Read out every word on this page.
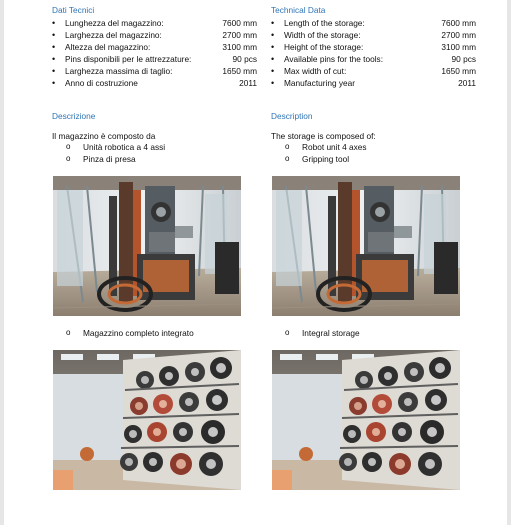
Dati Tecnici
• Lunghezza del magazzino:	7600 mm
• Larghezza del magazzino:	2700 mm
• Altezza del magazzino:	3100 mm
• Pins disponibili per le attrezzature:	90 pcs
• Larghezza massima di taglio:	1650 mm
• Anno di costruzione	2011
Descrizione
Il magazzino è composto da
o Unità robotica a 4 assi
o Pinza di presa
o Magazzino completo integrato
Technical Data
• Length of the storage:	7600 mm
• Width of the storage:	2700 mm
• Height of the storage:	3100 mm
• Available pins for the tools:	90 pcs
• Max width of cut:	1650 mm
• Manufacturing year	2011
Description
The storage is composed of:
o Robot unit 4 axes
o Gripping tool
o Integral storage
